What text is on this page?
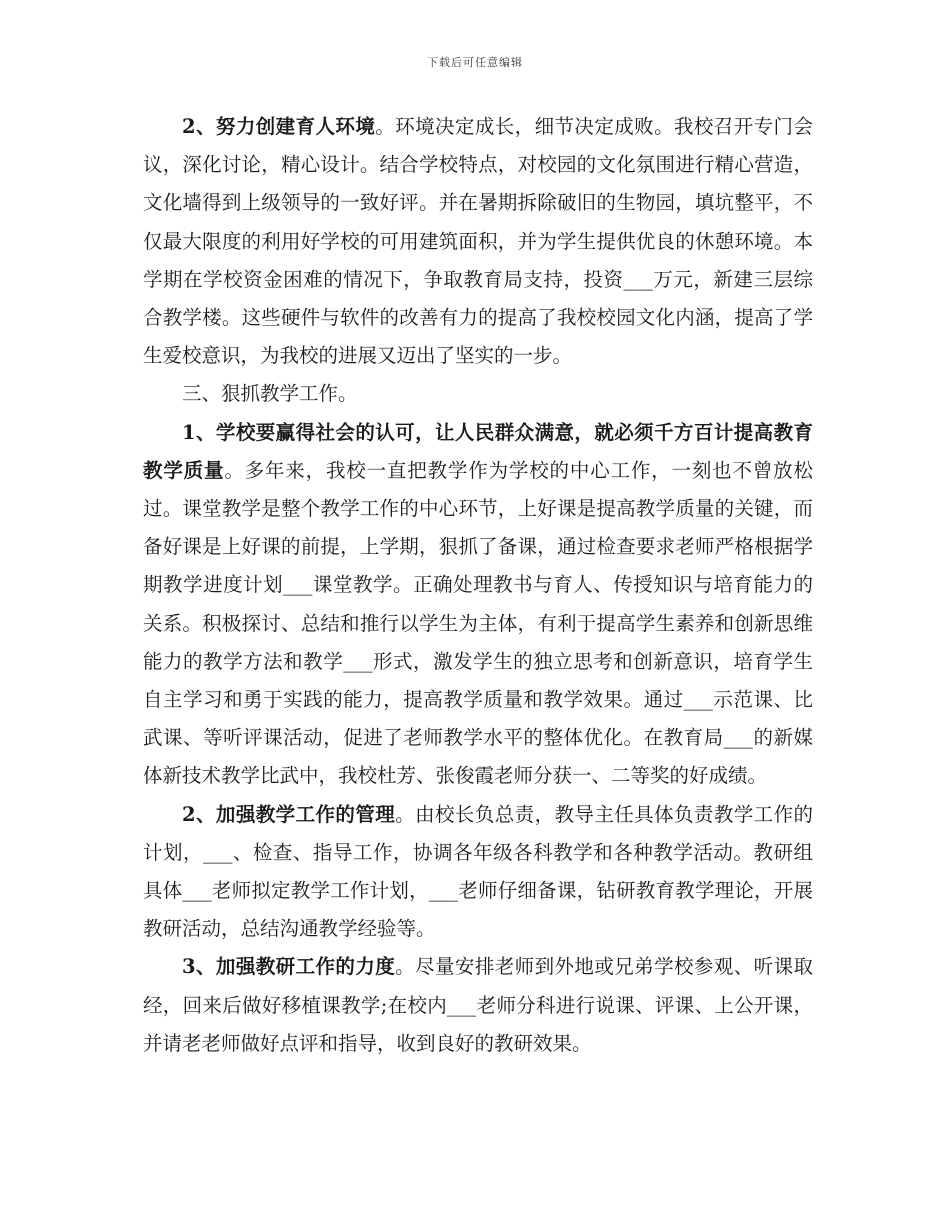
下载后可任意编辑

2、努力创建育人环境。环境决定成长，细节决定成败。我校召开专门会议，深化讨论，精心设计。结合学校特点，对校园的文化氛围进行精心营造，文化墙得到上级领导的一致好评。并在暑期拆除破旧的生物园，填坑整平，不仅最大限度的利用好学校的可用建筑面积，并为学生提供优良的休憩环境。本学期在学校资金困难的情况下，争取教育局支持，投资___万元，新建三层综合教学楼。这些硬件与软件的改善有力的提高了我校校园文化内涵，提高了学生爱校意识，为我校的进展又迈出了坚实的一步。

三、狠抓教学工作。

1、学校要赢得社会的认可，让人民群众满意，就必须千方百计提高教育教学质量。多年来，我校一直把教学作为学校的中心工作，一刻也不曾放松过。课堂教学是整个教学工作的中心环节，上好课是提高教学质量的关键，而备好课是上好课的前提，上学期，狠抓了备课，通过检查要求老师严格根据学期教学进度计划___课堂教学。正确处理教书与育人、传授知识与培育能力的关系。积极探讨、总结和推行以学生为主体，有利于提高学生素养和创新思维能力的教学方法和教学___形式，激发学生的独立思考和创新意识，培育学生自主学习和勇于实践的能力，提高教学质量和教学效果。通过___示范课、比武课、等听评课活动，促进了老师教学水平的整体优化。在教育局___的新媒体新技术教学比武中，我校杜芳、张俊霞老师分获一、二等奖的好成绩。

2、加强教学工作的管理。由校长负总责，教导主任具体负责教学工作的计划，___、检查、指导工作，协调各年级各科教学和各种教学活动。教研组具体___老师拟定教学工作计划，___老师仔细备课，钻研教育教学理论，开展教研活动，总结沟通教学经验等。

3、加强教研工作的力度。尽量安排老师到外地或兄弟学校参观、听课取经，回来后做好移植课教学;在校内___老师分科进行说课、评课、上公开课，并请老老师做好点评和指导，收到良好的教研效果。
